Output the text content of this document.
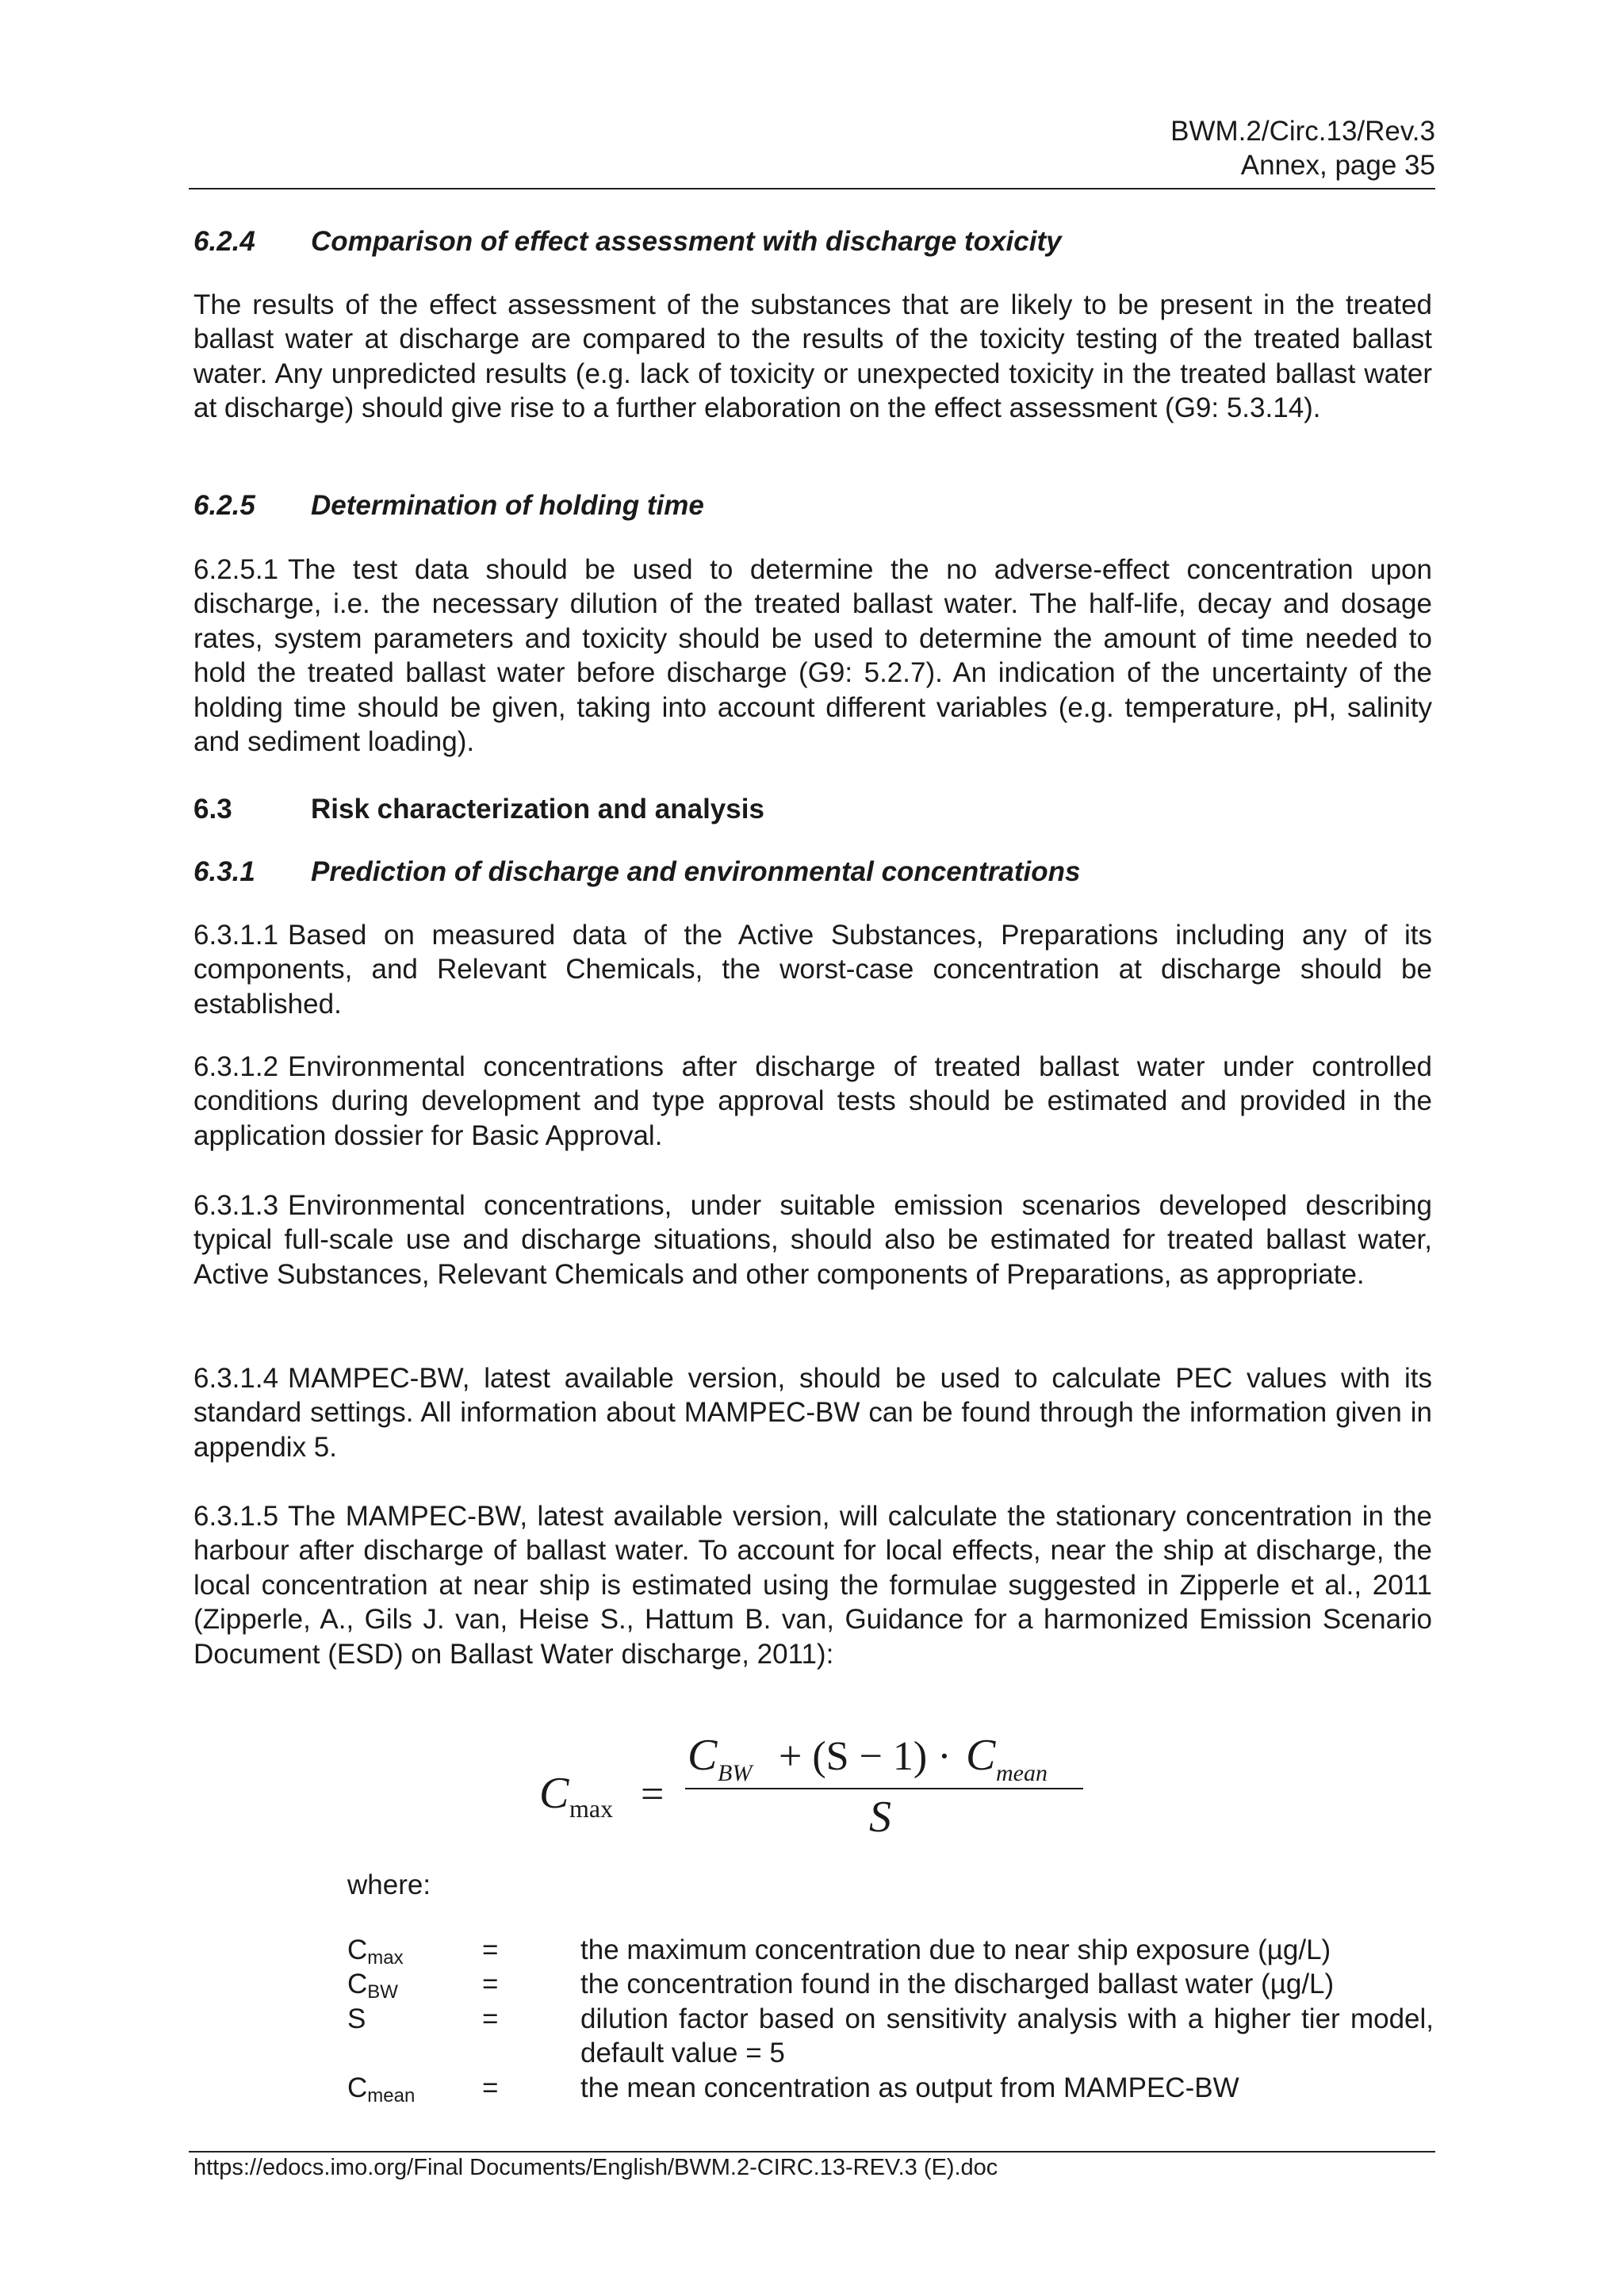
BWM.2/Circ.13/Rev.3
Annex, page 35
6.2.4 Comparison of effect assessment with discharge toxicity

The results of the effect assessment of the substances that are likely to be present in the treated ballast water at discharge are compared to the results of the toxicity testing of the treated ballast water. Any unpredicted results (e.g. lack of toxicity or unexpected toxicity in the treated ballast water at discharge) should give rise to a further elaboration on the effect assessment (G9: 5.3.14).

6.2.5 Determination of holding time

6.2.5.1 The test data should be used to determine the no adverse-effect concentration upon discharge, i.e. the necessary dilution of the treated ballast water. The half-life, decay and dosage rates, system parameters and toxicity should be used to determine the amount of time needed to hold the treated ballast water before discharge (G9: 5.2.7). An indication of the uncertainty of the holding time should be given, taking into account different variables (e.g. temperature, pH, salinity and sediment loading).

6.3	Risk characterization and analysis
6.3.1 Prediction of discharge and environmental concentrations

6.3.1.1 Based on measured data of the Active Substances, Preparations including any of its components, and Relevant Chemicals, the worst-case concentration at discharge should be established.

6.3.1.2 Environmental concentrations after discharge of treated ballast water under controlled conditions during development and type approval tests should be estimated and provided in the application dossier for Basic Approval.

6.3.1.3 Environmental concentrations, under suitable emission scenarios developed describing typical full-scale use and discharge situations, should also be estimated for treated ballast water, Active Substances, Relevant Chemicals and other components of Preparations, as appropriate.

6.3.1.4 MAMPEC-BW, latest available version, should be used to calculate PEC values with its standard settings. All information about MAMPEC-BW can be found through the information given in appendix 5.

6.3.1.5 The MAMPEC-BW, latest available version, will calculate the stationary concentration in the harbour after discharge of ballast water. To account for local effects, near the ship at discharge, the local concentration at near ship is estimated using the formulae suggested in Zipperle et al., 2011 (Zipperle, A., Gils J. van, Heise S., Hattum B. van, Guidance for a harmonized Emission Scenario Document (ESD) on Ballast Water discharge, 2011):

C max =
C BW + (S − 1) · C mean
S
where:
$C_{max}$	=	the maximum concentration due to near ship exposure (µg/L)
$C_{BW}$	=	the concentration found in the discharged ballast water (µg/L)
S	=	dilution factor based on sensitivity analysis with a higher tier model, default value = 5
$C_{mean}$	=	the mean concentration as output from MAMPEC-BW
https://edocs.imo.org/Final Documents/English/BWM.2-CIRC.13-REV.3 (E).doc
